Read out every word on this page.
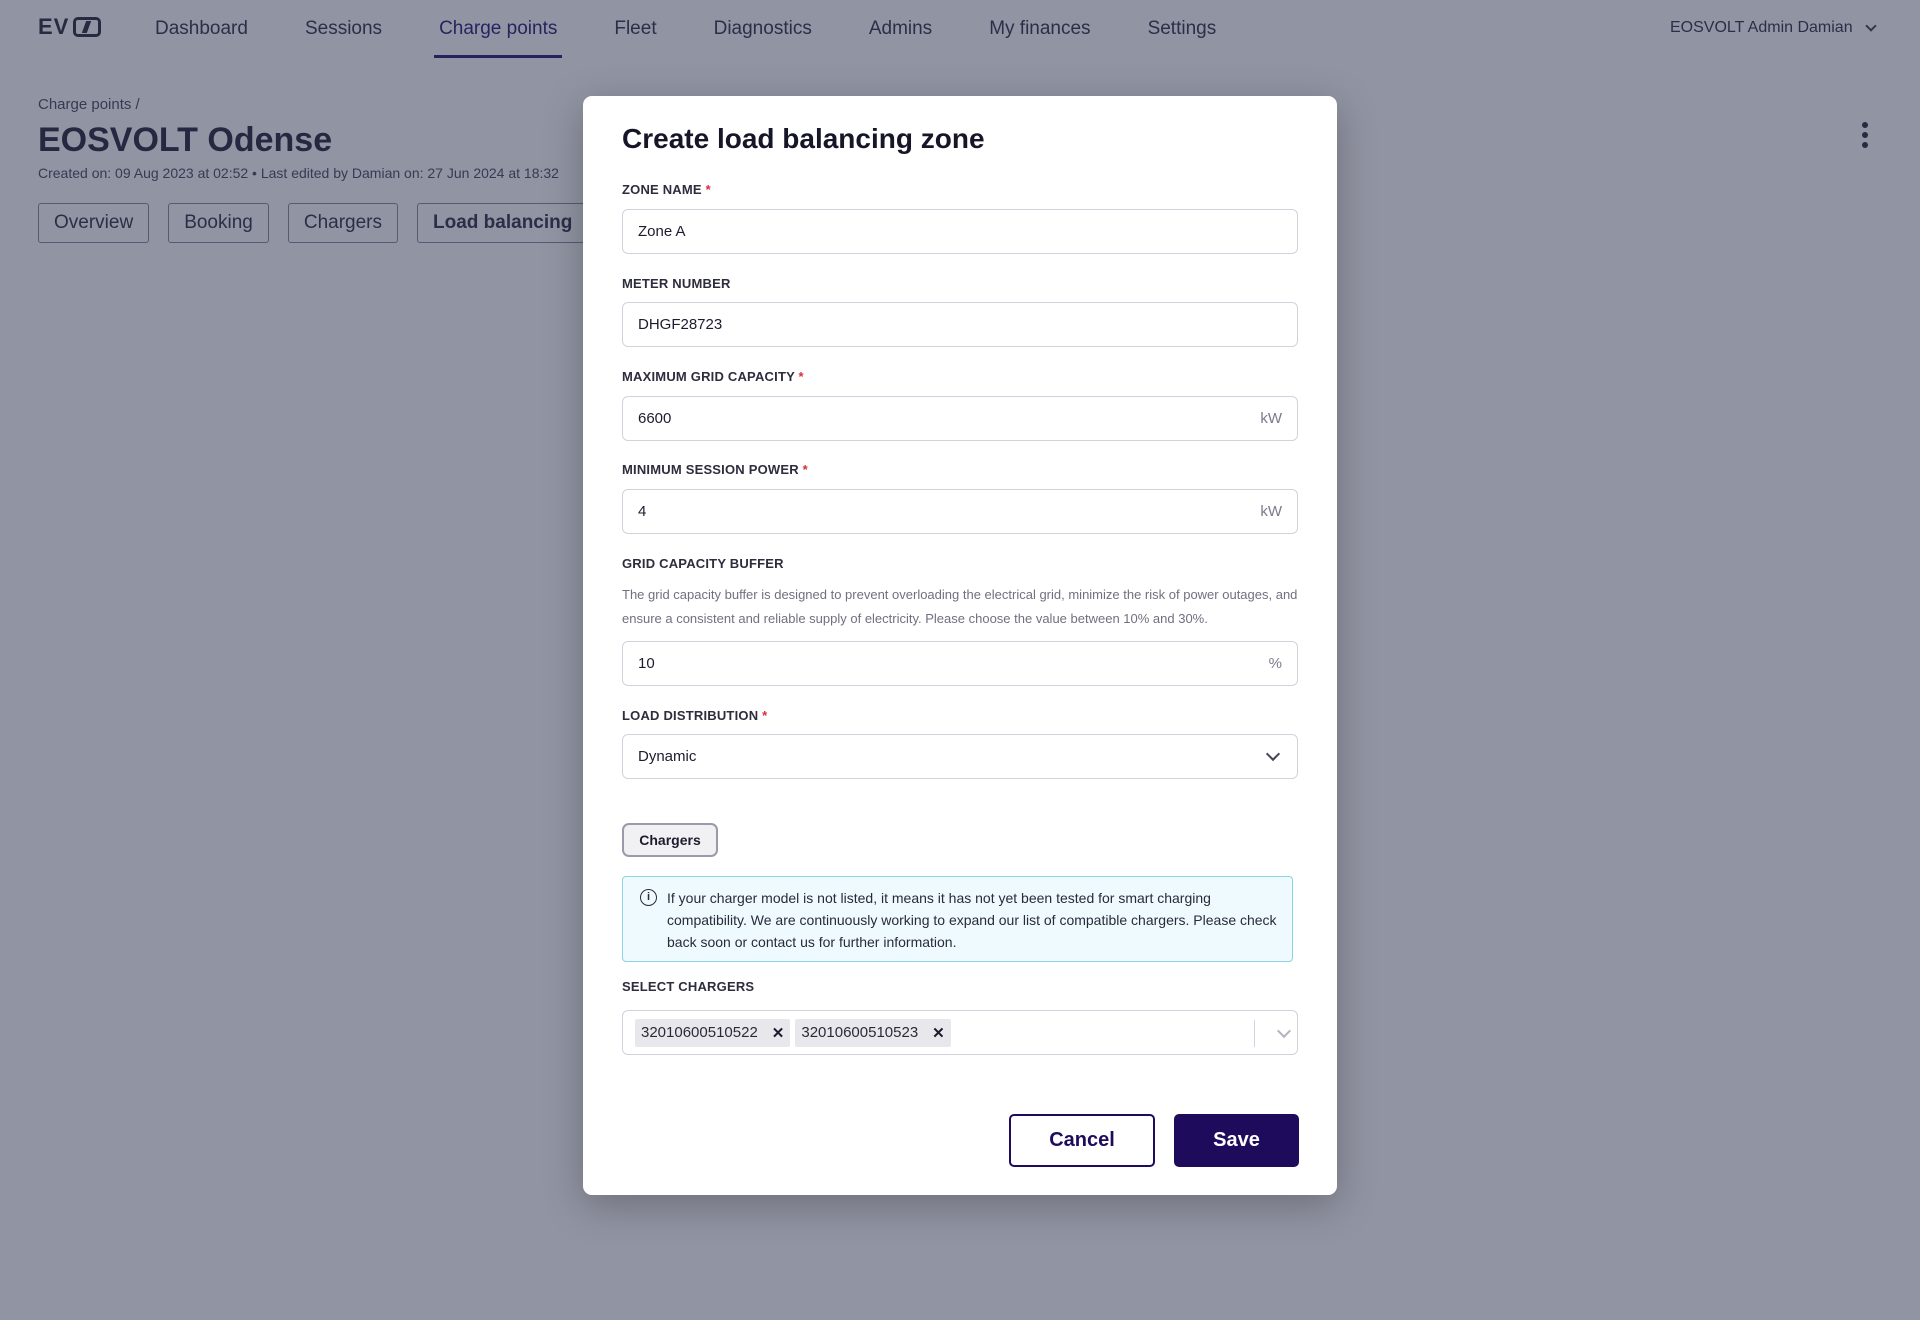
Create load balancing zone
ZONE NAME *
Zone A
METER NUMBER
DHGF28723
MAXIMUM GRID CAPACITY *
6600	kW
MINIMUM SESSION POWER *
4	kW
GRID CAPACITY BUFFER
The grid capacity buffer is designed to prevent overloading the electrical grid, minimize the risk of power outages, and ensure a consistent and reliable supply of electricity. Please choose the value between 10% and 30%.
10	%
LOAD DISTRIBUTION *
Dynamic
Chargers
i	If your charger model is not listed, it means it has not yet been tested for smart charging compatibility. We are continuously working to expand our list of compatible chargers. Please check back soon or contact us for further information.
SELECT CHARGERS
32010600510522 ✕ 32010600510523 ✕
Cancel	Save
